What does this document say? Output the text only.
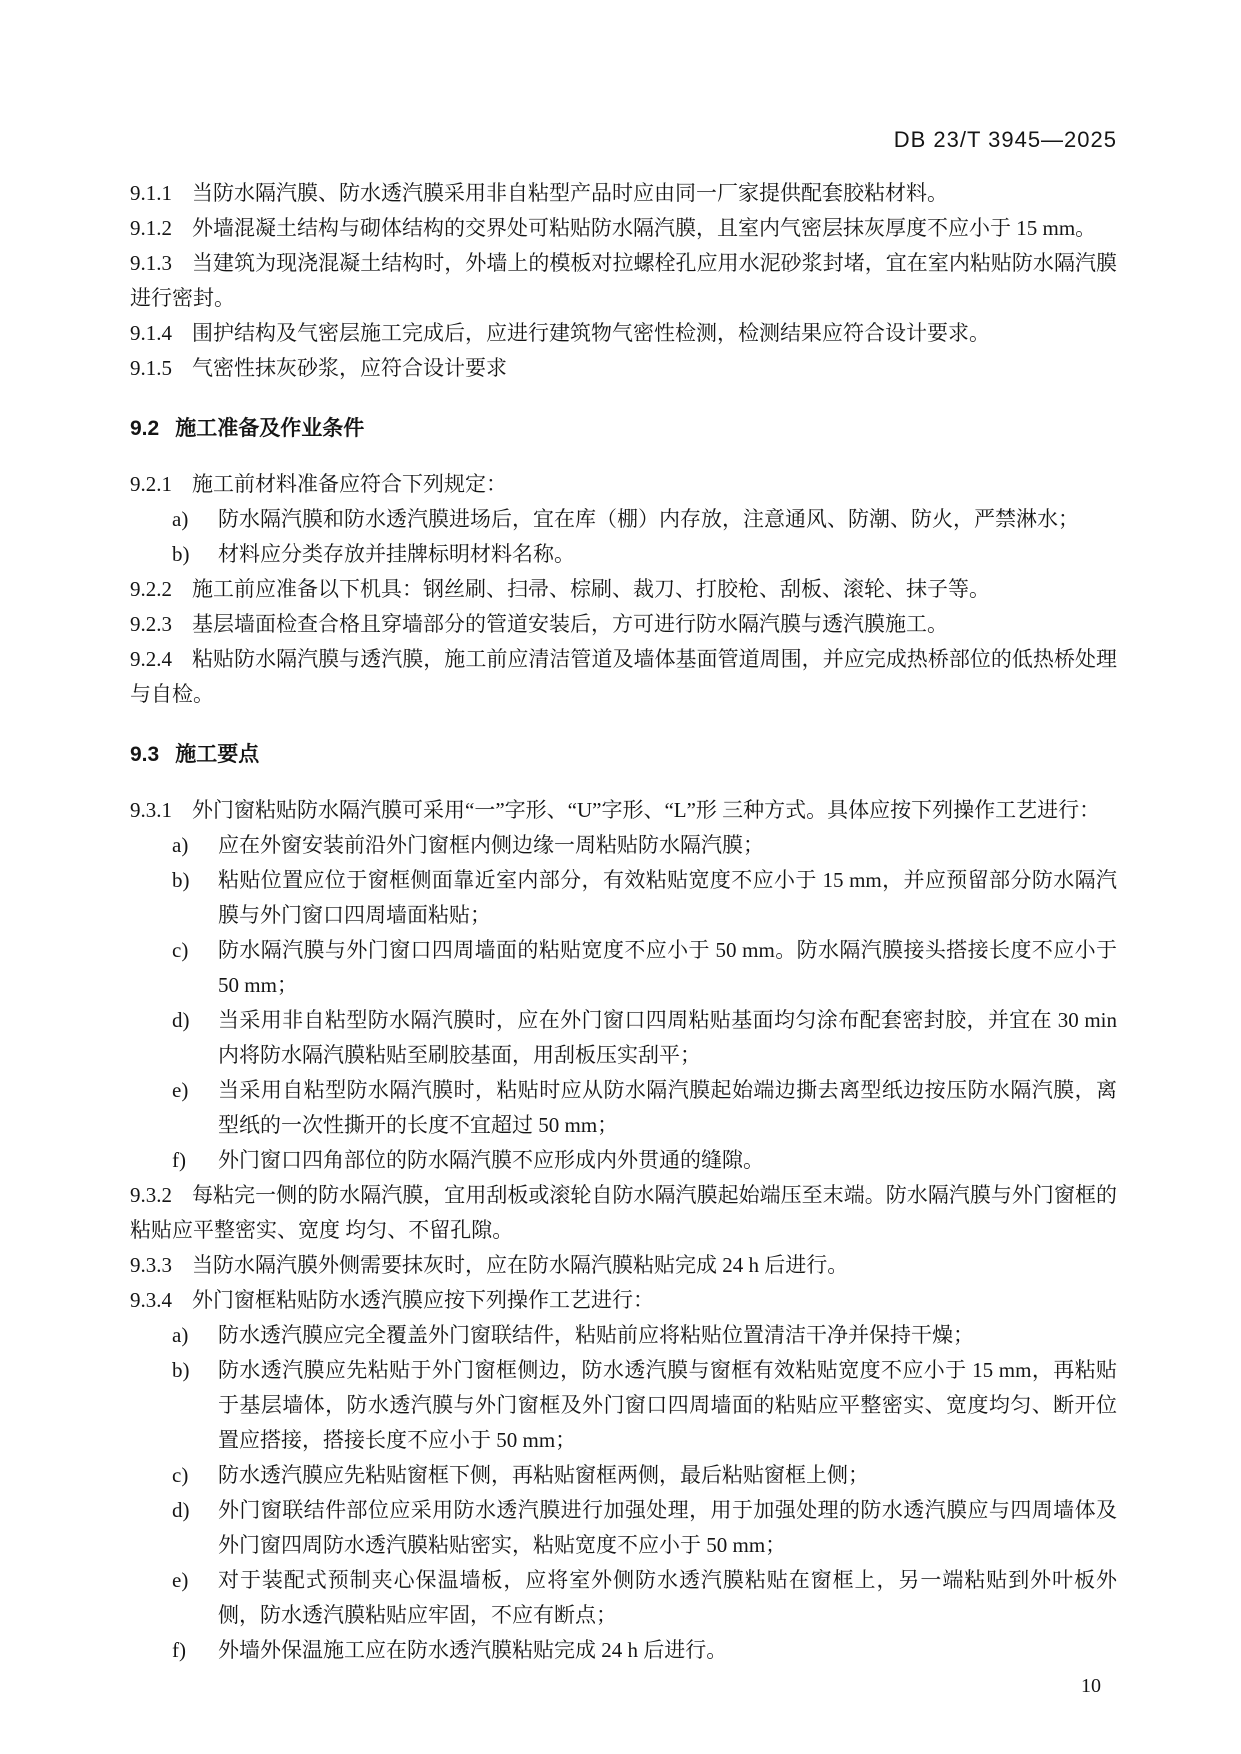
DB 23/T 3945—2025

9.1.1 当防水隔汽膜、防水透汽膜采用非自粘型产品时应由同一厂家提供配套胶粘材料。

9.1.2 外墙混凝土结构与砌体结构的交界处可粘贴防水隔汽膜，且室内气密层抹灰厚度不应小于 15 mm。

9.1.3 当建筑为现浇混凝土结构时，外墙上的模板对拉螺栓孔应用水泥砂浆封堵，宜在室内粘贴防水隔汽膜进行密封。

9.1.4 围护结构及气密层施工完成后，应进行建筑物气密性检测，检测结果应符合设计要求。

9.1.5 气密性抹灰砂浆，应符合设计要求

9.2 施工准备及作业条件

9.2.1 施工前材料准备应符合下列规定：

a)	防水隔汽膜和防水透汽膜进场后，宜在库（棚）内存放，注意通风、防潮、防火，严禁淋水；
b)	材料应分类存放并挂牌标明材料名称。

9.2.2 施工前应准备以下机具：钢丝刷、扫帚、棕刷、裁刀、打胶枪、刮板、滚轮、抹子等。

9.2.3 基层墙面检查合格且穿墙部分的管道安装后，方可进行防水隔汽膜与透汽膜施工。

9.2.4 粘贴防水隔汽膜与透汽膜，施工前应清洁管道及墙体基面管道周围，并应完成热桥部位的低热桥处理与自检。

9.3 施工要点

9.3.1 外门窗粘贴防水隔汽膜可采用“一”字形、“U”字形、“L”形 三种方式。具体应按下列操作工艺进行：

a)	应在外窗安装前沿外门窗框内侧边缘一周粘贴防水隔汽膜；
b)	粘贴位置应位于窗框侧面靠近室内部分，有效粘贴宽度不应小于 15 mm，并应预留部分防水隔汽膜与外门窗口四周墙面粘贴；
c)	防水隔汽膜与外门窗口四周墙面的粘贴宽度不应小于 50 mm。防水隔汽膜接头搭接长度不应小于 50 mm；
d)	当采用非自粘型防水隔汽膜时，应在外门窗口四周粘贴基面均匀涂布配套密封胶，并宜在 30 min 内将防水隔汽膜粘贴至刷胶基面，用刮板压实刮平；
e)	当采用自粘型防水隔汽膜时，粘贴时应从防水隔汽膜起始端边撕去离型纸边按压防水隔汽膜，离型纸的一次性撕开的长度不宜超过 50 mm；
f)	外门窗口四角部位的防水隔汽膜不应形成内外贯通的缝隙。

9.3.2 每粘完一侧的防水隔汽膜，宜用刮板或滚轮自防水隔汽膜起始端压至末端。防水隔汽膜与外门窗框的粘贴应平整密实、宽度 均匀、不留孔隙。

9.3.3 当防水隔汽膜外侧需要抹灰时，应在防水隔汽膜粘贴完成 24 h 后进行。

9.3.4 外门窗框粘贴防水透汽膜应按下列操作工艺进行：

a)	防水透汽膜应完全覆盖外门窗联结件，粘贴前应将粘贴位置清洁干净并保持干燥；
b)	防水透汽膜应先粘贴于外门窗框侧边，防水透汽膜与窗框有效粘贴宽度不应小于 15 mm，再粘贴于基层墙体，防水透汽膜与外门窗框及外门窗口四周墙面的粘贴应平整密实、宽度均匀、断开位置应搭接，搭接长度不应小于 50 mm；
c)	防水透汽膜应先粘贴窗框下侧，再粘贴窗框两侧，最后粘贴窗框上侧；
d)	外门窗联结件部位应采用防水透汽膜进行加强处理，用于加强处理的防水透汽膜应与四周墙体及外门窗四周防水透汽膜粘贴密实，粘贴宽度不应小于 50 mm；
e)	对于装配式预制夹心保温墙板，应将室外侧防水透汽膜粘贴在窗框上，另一端粘贴到外叶板外侧，防水透汽膜粘贴应牢固，不应有断点；
f)	外墙外保温施工应在防水透汽膜粘贴完成 24 h 后进行。
10
